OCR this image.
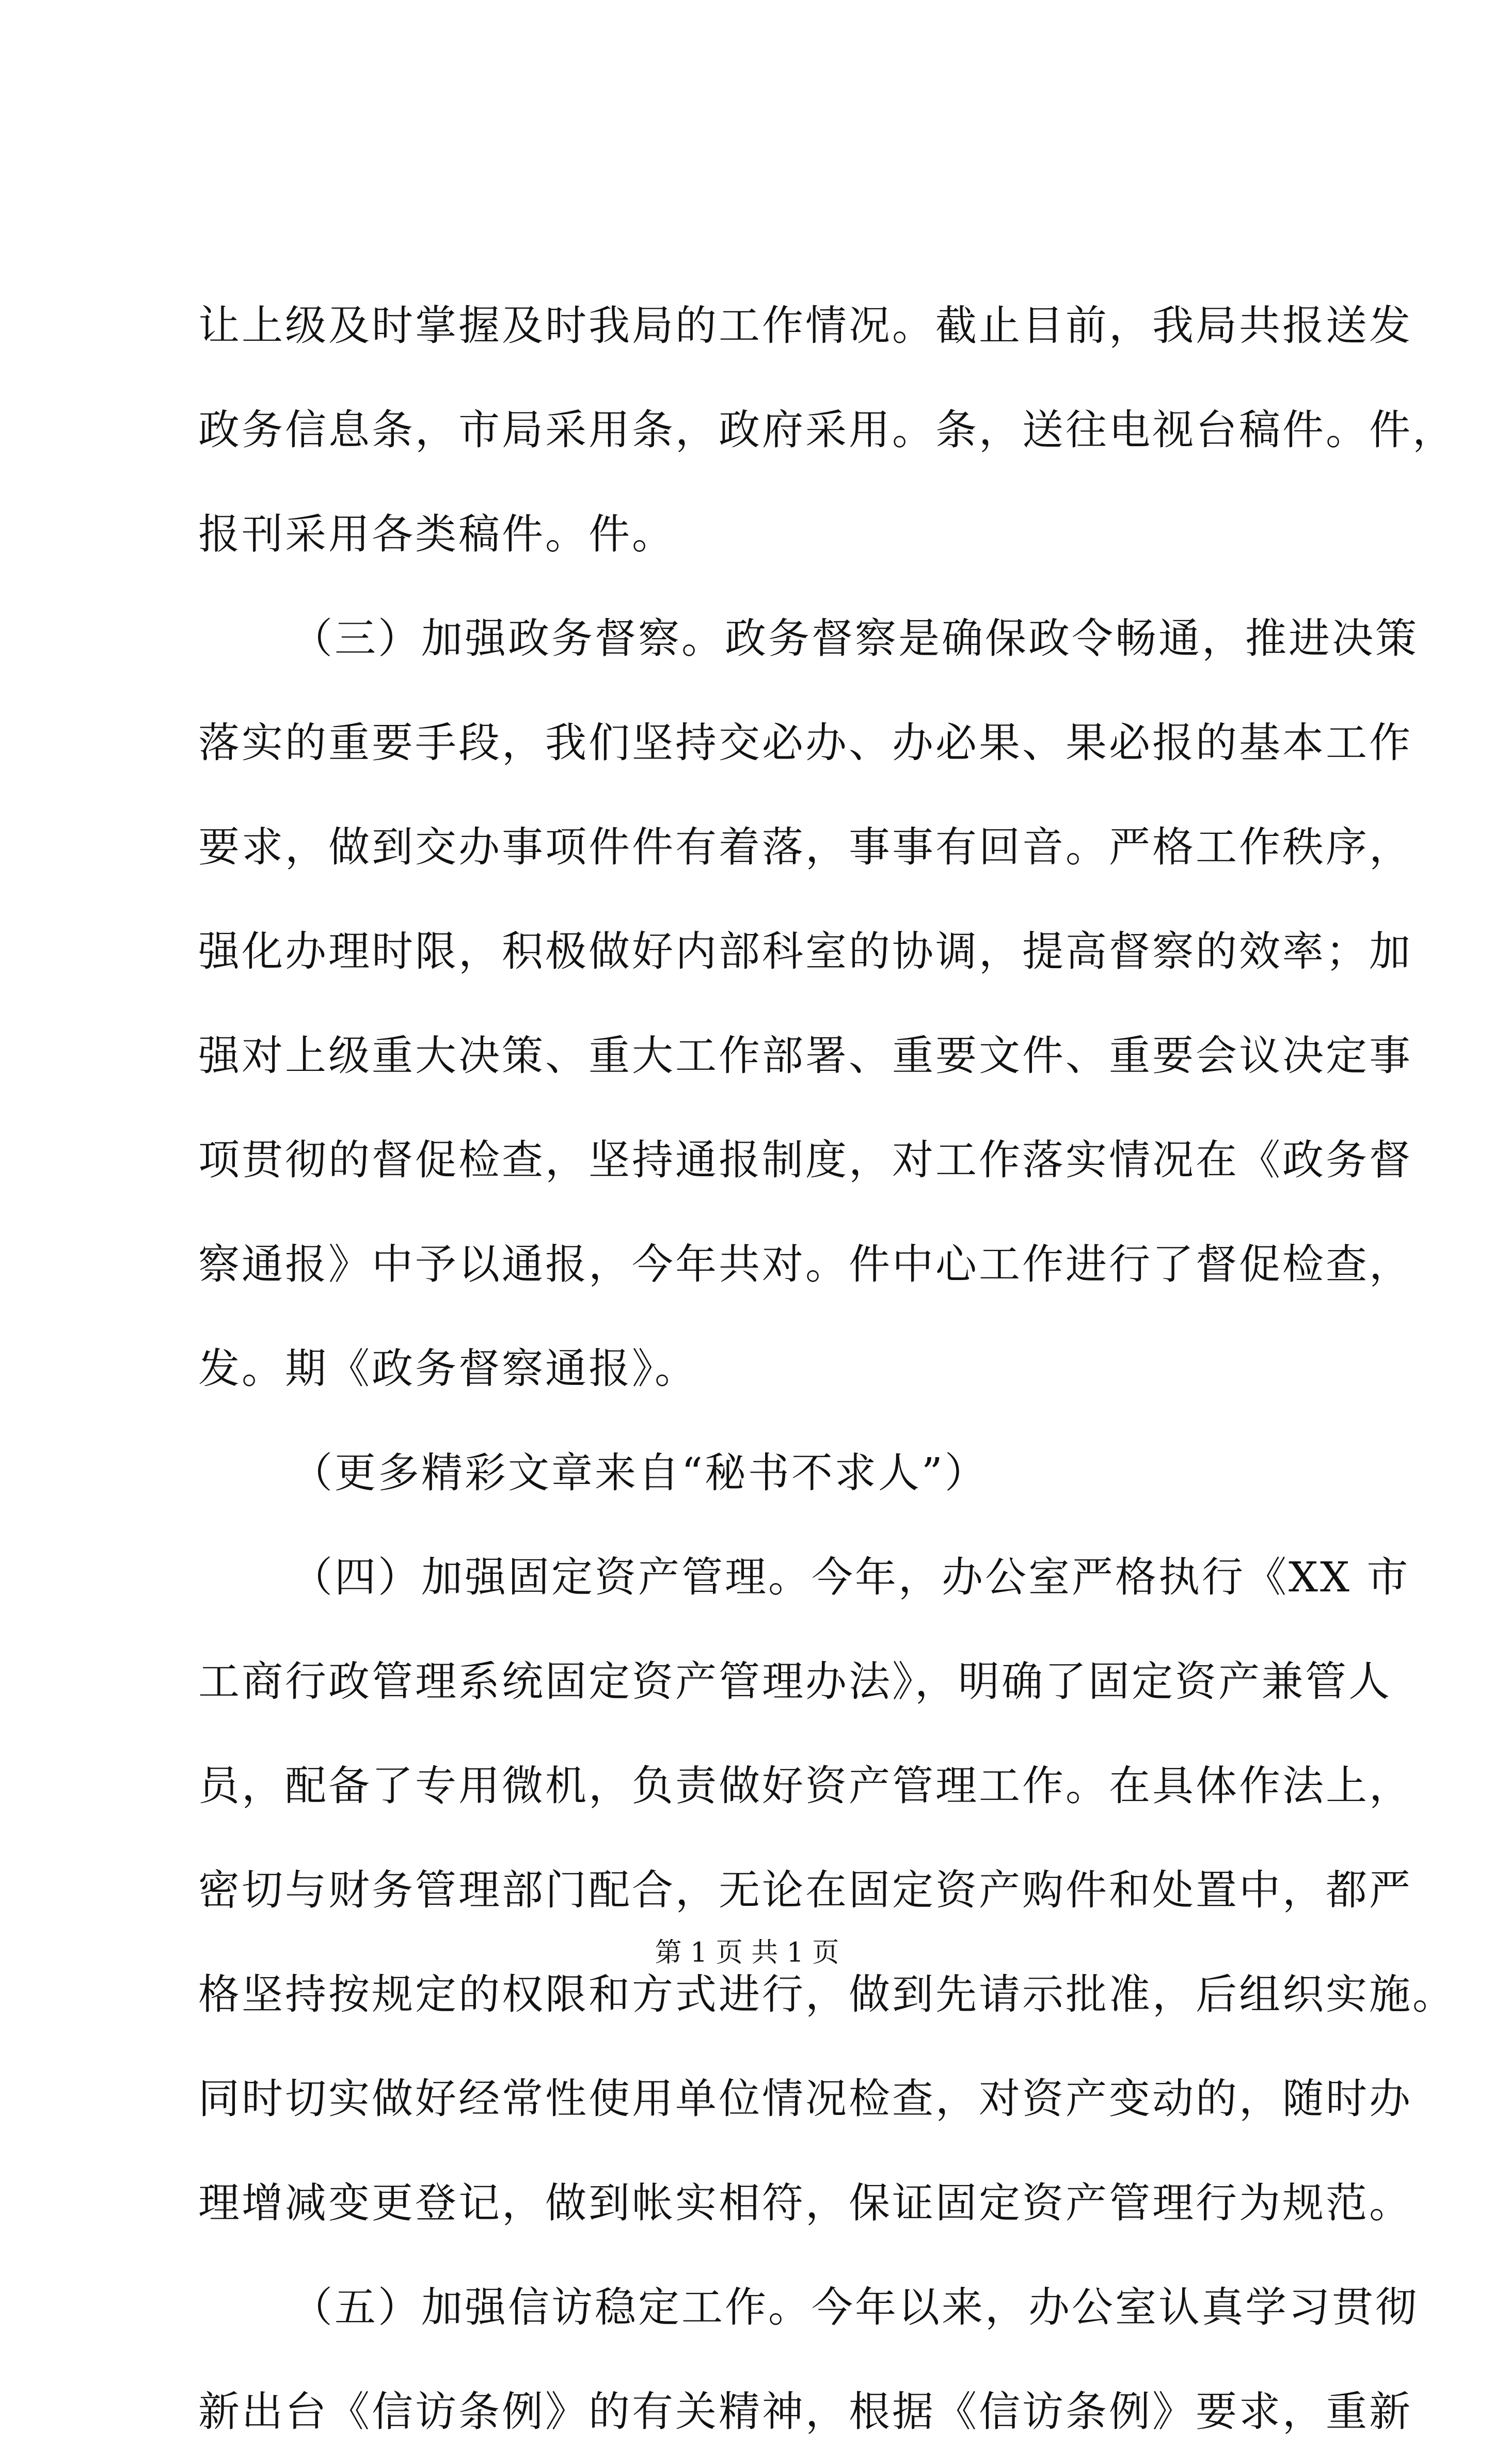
让上级及时掌握及时我局的工作情况。截止目前，我局共报送发

政务信息条，市局采用条，政府采用。条，送往电视台稿件。件，

报刊采用各类稿件。件。

（三）加强政务督察。政务督察是确保政令畅通，推进决策

落实的重要手段，我们坚持交必办、办必果、果必报的基本工作

要求，做到交办事项件件有着落，事事有回音。严格工作秩序，

强化办理时限，积极做好内部科室的协调，提高督察的效率；加

强对上级重大决策、重大工作部署、重要文件、重要会议决定事

项贯彻的督促检查，坚持通报制度，对工作落实情况在《政务督

察通报》中予以通报，今年共对。件中心工作进行了督促检查，

发。期《政务督察通报》。

（更多精彩文章来自“秘书不求人”）

（四）加强固定资产管理。今年，办公室严格执行《XX 市

工商行政管理系统固定资产管理办法》，明确了固定资产兼管人

员，配备了专用微机，负责做好资产管理工作。在具体作法上，

密切与财务管理部门配合，无论在固定资产购件和处置中，都严

格坚持按规定的权限和方式进行，做到先请示批准，后组织实施。

同时切实做好经常性使用单位情况检查，对资产变动的，随时办

理增减变更登记，做到帐实相符，保证固定资产管理行为规范。

（五）加强信访稳定工作。今年以来，办公室认真学习贯彻

新出台《信访条例》的有关精神，根据《信访条例》要求，重新

第 1 页 共 1 页
